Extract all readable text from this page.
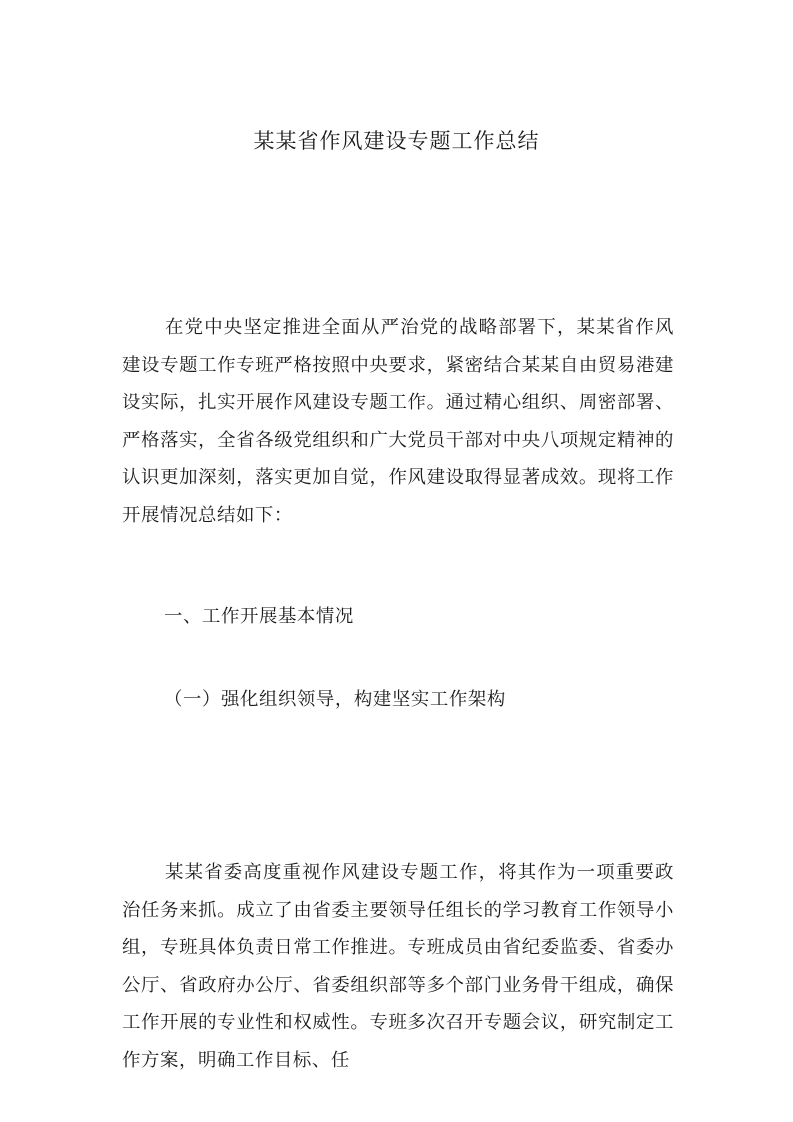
某某省作风建设专题工作总结

在党中央坚定推进全面从严治党的战略部署下，某某省作风建设专题工作专班严格按照中央要求，紧密结合某某自由贸易港建设实际，扎实开展作风建设专题工作。通过精心组织、周密部署、严格落实，全省各级党组织和广大党员干部对中央八项规定精神的认识更加深刻，落实更加自觉，作风建设取得显著成效。现将工作开展情况总结如下：

一、工作开展基本情况
（一）强化组织领导，构建坚实工作架构

某某省委高度重视作风建设专题工作，将其作为一项重要政治任务来抓。成立了由省委主要领导任组长的学习教育工作领导小组，专班具体负责日常工作推进。专班成员由省纪委监委、省委办公厅、省政府办公厅、省委组织部等多个部门业务骨干组成，确保工作开展的专业性和权威性。专班多次召开专题会议，研究制定工作方案，明确工作目标、任
